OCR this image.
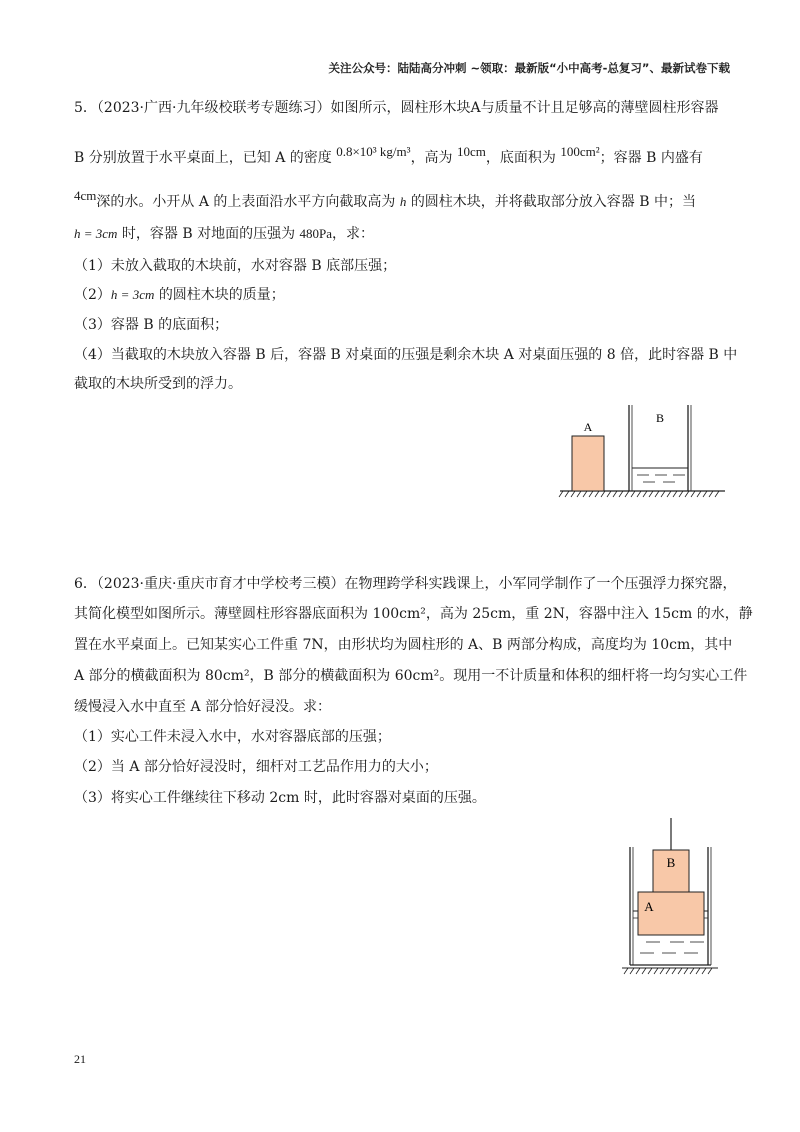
关注公众号：陆陆高分冲刺 ~领取：最新版“小中高考-总复习”、最新试卷下载
5．（2023·广西·九年级校联考专题练习）如图所示，圆柱形木块A与质量不计且足够高的薄壁圆柱形容器
B 分别放置于水平桌面上，已知 A 的密度 0.8×10³ kg/m³，高为 10cm，底面积为 100cm²；容器 B 内盛有
4cm深的水。小开从 A 的上表面沿水平方向截取高为 h 的圆柱木块，并将截取部分放入容器 B 中；当
h = 3cm 时，容器 B 对地面的压强为 480Pa，求：
（1）未放入截取的木块前，水对容器 B 底部压强；
（2）h = 3cm 的圆柱木块的质量；
（3）容器 B 的底面积；
（4）当截取的木块放入容器 B 后，容器 B 对桌面的压强是剩余木块 A 对桌面压强的 8 倍，此时容器 B 中
截取的木块所受到的浮力。
A
B
6．（2023·重庆·重庆市育才中学校考三模）在物理跨学科实践课上，小军同学制作了一个压强浮力探究器，
其简化模型如图所示。薄壁圆柱形容器底面积为 100cm²，高为 25cm，重 2N，容器中注入 15cm 的水，静
置在水平桌面上。已知某实心工件重 7N，由形状均为圆柱形的 A、B 两部分构成，高度均为 10cm，其中
A 部分的横截面积为 80cm²，B 部分的横截面积为 60cm²。现用一不计质量和体积的细杆将一均匀实心工件
缓慢浸入水中直至 A 部分恰好浸没。求：
（1）实心工件未浸入水中，水对容器底部的压强；
（2）当 A 部分恰好浸没时，细杆对工艺品作用力的大小；
（3）将实心工件继续往下移动 2cm 时，此时容器对桌面的压强。
B
A
21
